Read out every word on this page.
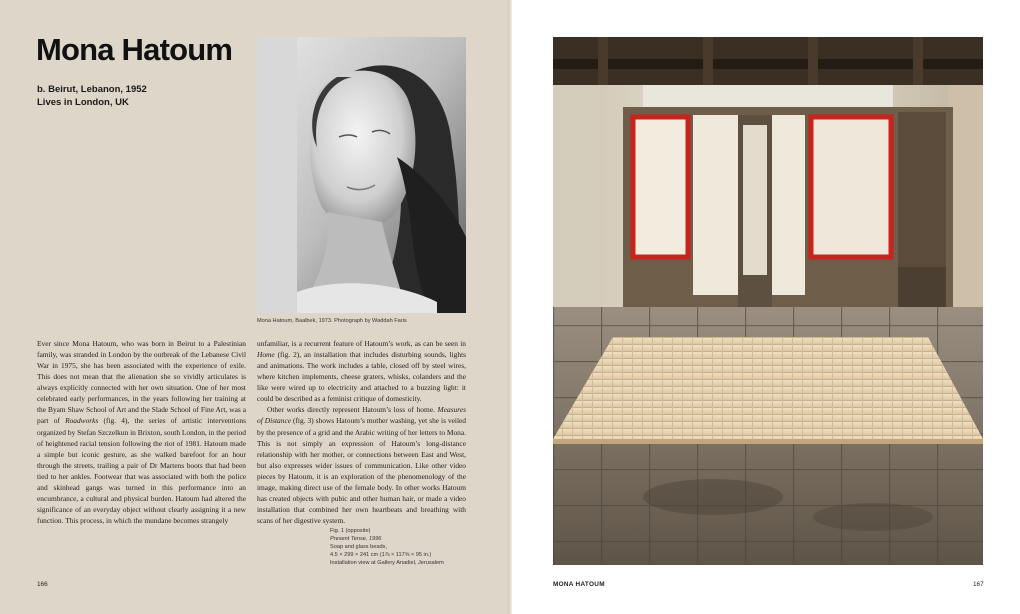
Mona Hatoum
b. Beirut, Lebanon, 1952
Lives in London, UK
Mona Hatoum, Baalbek, 1973. Photograph by Waddah Faris

Ever since Mona Hatoum, who was born in Beirut to a Palestinian family, was stranded in London by the outbreak of the Lebanese Civil War in 1975, she has been associated with the experience of exile. This does not mean that the alienation she so vividly articulates is always explicitly connected with her own situation. One of her most celebrated early performances, in the years following her training at the Byam Shaw School of Art and the Slade School of Fine Art, was a part of Roadworks (fig. 4), the series of artistic interventions organized by Stefan Szczelkun in Brixton, south London, in the period of heightened racial tension following the riot of 1981. Hatoum made a simple but iconic gesture, as she walked barefoot for an hour through the streets, trailing a pair of Dr Martens boots that had been tied to her ankles. Footwear that was associated with both the police and skinhead gangs was turned in this performance into an encumbrance, a cultural and physical burden. Hatoum had altered the significance of an everyday object without clearly assigning it a new function. This process, in which the mundane becomes strangely

unfamiliar, is a recurrent feature of Hatoum’s work, as can be seen in Home (fig. 2), an installation that includes disturbing sounds, lights and animations. The work includes a table, closed off by steel wires, where kitchen implements, cheese graters, whisks, colanders and the like were wired up to electricity and attached to a buzzing light: it could be described as a feminist critique of domesticity.

Other works directly represent Hatoum’s loss of home. Measures of Distance (fig. 3) shows Hatoum’s mother washing, yet she is veiled by the presence of a grid and the Arabic writing of her letters to Mona. This is not simply an expression of Hatoum’s long-distance relationship with her mother, or connections between East and West, but also expresses wider issues of communication. Like other video pieces by Hatoum, it is an exploration of the phenomenology of the image, making direct use of the female body. In other works Hatoum has created objects with pubic and other human hair, or made a video installation that combined her own heartbeats and breathing with scans of her digestive system.

Fig. 1 (opposite)
Present Tense, 1996
Soap and glass beads,
4.5 × 299 × 241 cm (1⅞ × 117⅝ × 95 in.)
Installation view at Gallery Anadiel, Jerusalem
166	MONA HATOUM	167
